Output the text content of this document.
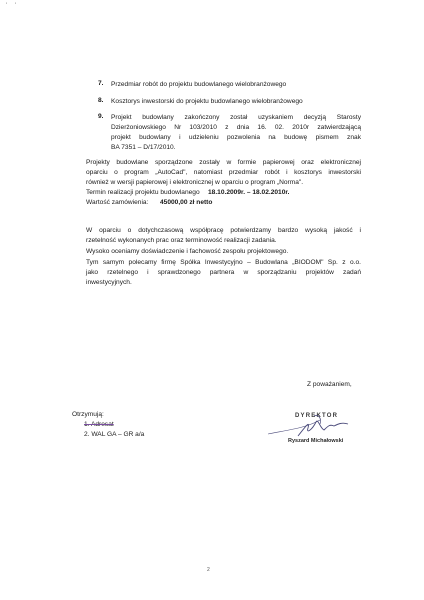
' '
7. Przedmiar robót do projektu budowlanego wielobranżowego
8. Kosztorys inwestorski do projektu budowlanego wielobranżowego
9. Projekt budowlany zakończony został uzyskaniem decyzją Starosty
Dzierżoniowskiego Nr 103/2010 z dnia 16. 02. 2010r zatwierdzającą
projekt budowlany i udzieleniu pozwolenia na budowę pismem znak
BA 7351 – D/17/2010.
Projekty budowlane sporządzone zostały w formie papierowej oraz elektronicznej
oparciu o program „AutoCad", natomiast przedmiar robót i kosztorys inwestorski
również w wersji papierowej i elektronicznej w oparciu o program „Norma".
Termin realizacji projektu budowlanego 18.10.2009r. – 18.02.2010r.
Wartość zamówienia: 45000,00 zł netto
W oparciu o dotychczasową współpracę potwierdzamy bardzo wysoką jakość i
rzetelność wykonanych prac oraz terminowość realizacji zadania.
Wysoko oceniamy doświadczenie i fachowość zespołu projektowego.
Tym samym polecamy firmę Spółka Inwestycyjno – Budowlana „BIODOM" Sp. z o.o.
jako rzetelnego i sprawdzonego partnera w sporządzaniu projektów zadań
inwestycyjnych.
Z poważaniem,
DYREKTOR
Ryszard Michałowski
Otrzymują:
1. Adresat
2. WAL GA – GR a/a
2
